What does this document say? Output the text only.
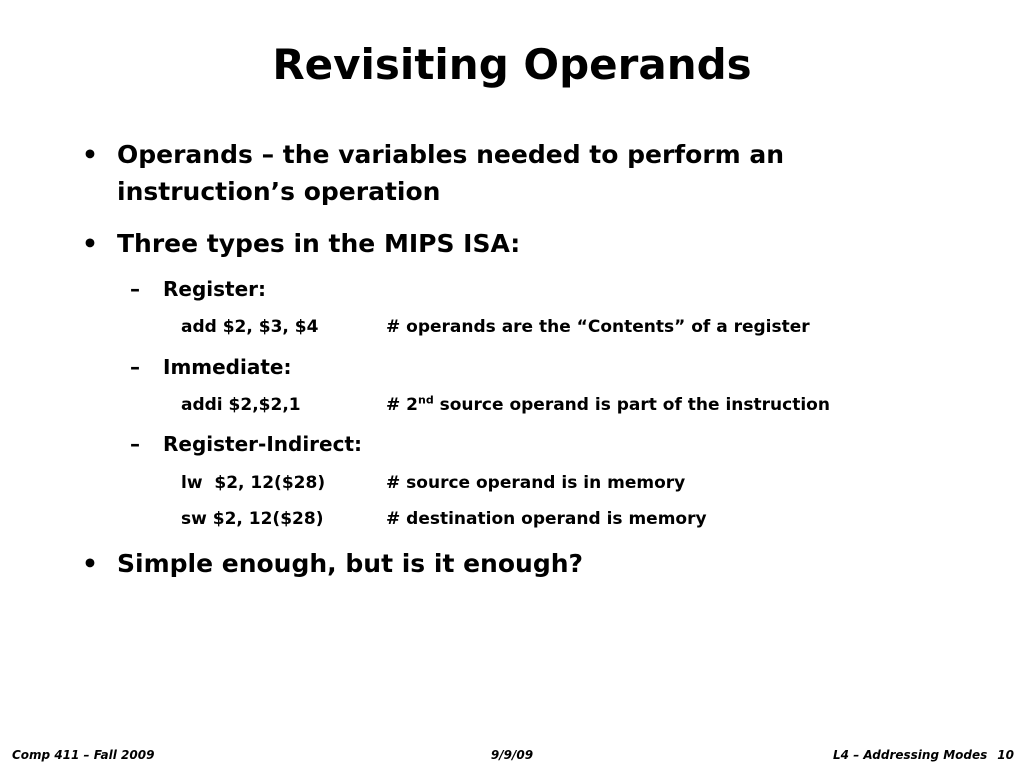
Revisiting Operands
• Operands – the variables needed to perform an
instruction’s operation
• Three types in the MIPS ISA:
–	Register:
add $2, $3, $4	# operands are the “Contents” of a register
–	Immediate:
addi $2,$2,1	# 2nd source operand is part of the instruction
–	Register-Indirect:
lw  $2, 12($28)	# source operand is in memory
sw $2, 12($28)	# destination operand is memory
• Simple enough, but is it enough?
Comp 411 – Fall 2009	9/9/09	L4 – Addressing Modes 10
